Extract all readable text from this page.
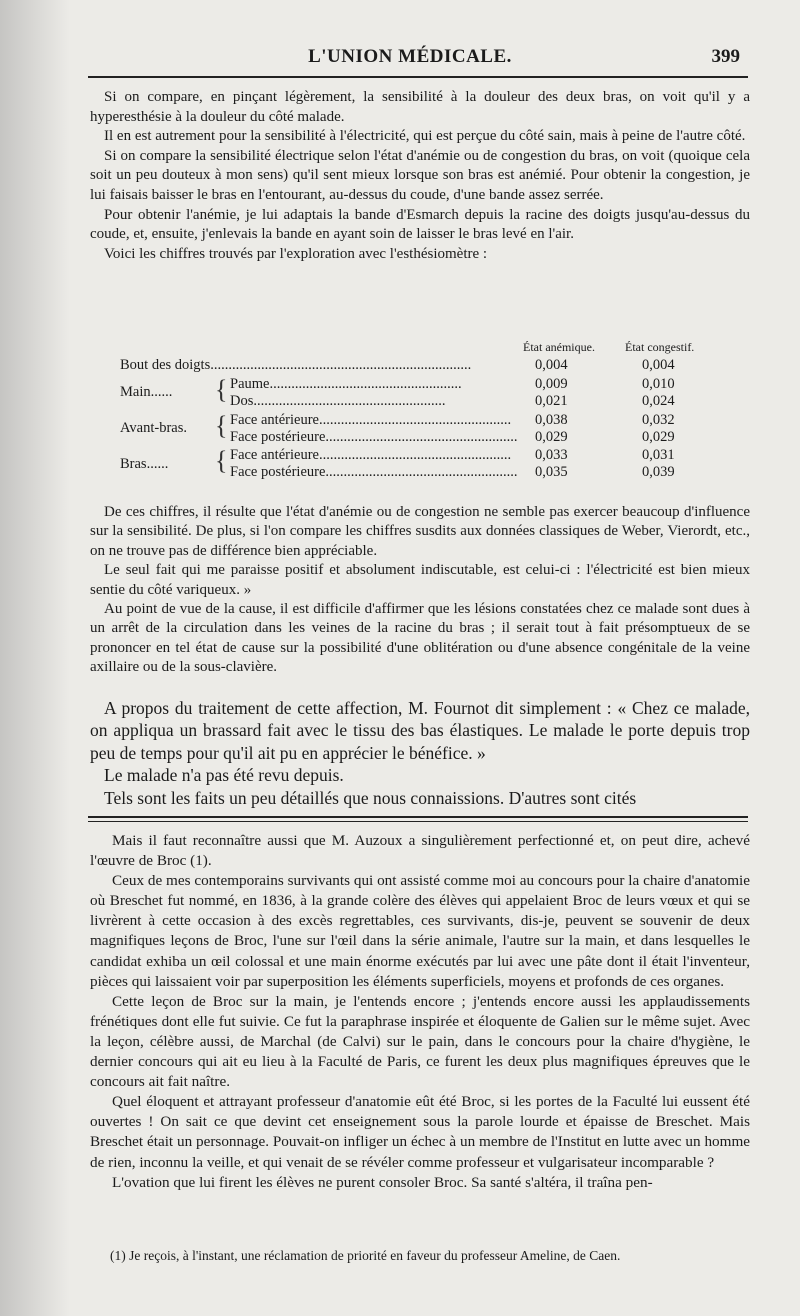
L'UNION MÉDICALE.	399

Si on compare, en pinçant légèrement, la sensibilité à la douleur des deux bras, on voit qu'il y a hyperesthésie à la douleur du côté malade.

Il en est autrement pour la sensibilité à l'électricité, qui est perçue du côté sain, mais à peine de l'autre côté.

Si on compare la sensibilité électrique selon l'état d'anémie ou de congestion du bras, on voit (quoique cela soit un peu douteux à mon sens) qu'il sent mieux lorsque son bras est anémié. Pour obtenir la congestion, je lui faisais baisser le bras en l'entourant, au-dessus du coude, d'une bande assez serrée.

Pour obtenir l'anémie, je lui adaptais la bande d'Esmarch depuis la racine des doigts jusqu'au-dessus du coude, et, ensuite, j'enlevais la bande en ayant soin de laisser le bras levé en l'air.

Voici les chiffres trouvés par l'exploration avec l'esthésiomètre :

État anémique.	État congestif.
Bout des doigts........................................................................	0,004	0,004
Main...... { Paume.....................................................	0,009	0,010
Dos.....................................................	0,021	0,024
Avant-bras. { Face antérieure.....................................................	0,038	0,032
Face postérieure..................................................... 0,029	0,029
{ Face antérieure.....................................................	0,033	0,031
Bras......	Face postérieure..................................................... 0,035	0,039

De ces chiffres, il résulte que l'état d'anémie ou de congestion ne semble pas exercer beaucoup d'influence sur la sensibilité. De plus, si l'on compare les chiffres susdits aux données classiques de Weber, Vierordt, etc., on ne trouve pas de différence bien appréciable.

Le seul fait qui me paraisse positif et absolument indiscutable, est celui-ci : l'électricité est bien mieux sentie du côté variqueux. »

Au point de vue de la cause, il est difficile d'affirmer que les lésions constatées chez ce malade sont dues à un arrêt de la circulation dans les veines de la racine du bras ; il serait tout à fait présomptueux de se prononcer en tel état de cause sur la possibilité d'une oblitération ou d'une absence congénitale de la veine axillaire ou de la sous-clavière.

A propos du traitement de cette affection, M. Fournot dit simplement : « Chez ce malade, on appliqua un brassard fait avec le tissu des bas élastiques. Le malade le porte depuis trop peu de temps pour qu'il ait pu en apprécier le bénéfice. »

Le malade n'a pas été revu depuis.

Tels sont les faits un peu détaillés que nous connaissions. D'autres sont cités

Mais il faut reconnaître aussi que M. Auzoux a singulièrement perfectionné et, on peut dire, achevé l'œuvre de Broc (1).

Ceux de mes contemporains survivants qui ont assisté comme moi au concours pour la chaire d'anatomie où Breschet fut nommé, en 1836, à la grande colère des élèves qui appelaient Broc de leurs vœux et qui se livrèrent à cette occasion à des excès regrettables, ces survivants, dis-je, peuvent se souvenir de deux magnifiques leçons de Broc, l'une sur l'œil dans la série animale, l'autre sur la main, et dans lesquelles le candidat exhiba un œil colossal et une main énorme exécutés par lui avec une pâte dont il était l'inventeur, pièces qui laissaient voir par superposition les éléments superficiels, moyens et profonds de ces organes.

Cette leçon de Broc sur la main, je l'entends encore ; j'entends encore aussi les applaudissements frénétiques dont elle fut suivie. Ce fut la paraphrase inspirée et éloquente de Galien sur le même sujet. Avec la leçon, célèbre aussi, de Marchal (de Calvi) sur le pain, dans le concours pour la chaire d'hygiène, le dernier concours qui ait eu lieu à la Faculté de Paris, ce furent les deux plus magnifiques épreuves que le concours ait fait naître.

Quel éloquent et attrayant professeur d'anatomie eût été Broc, si les portes de la Faculté lui eussent été ouvertes ! On sait ce que devint cet enseignement sous la parole lourde et épaisse de Breschet. Mais Breschet était un personnage. Pouvait-on infliger un échec à un membre de l'Institut en lutte avec un homme de rien, inconnu la veille, et qui venait de se révéler comme professeur et vulgarisateur incomparable ?

L'ovation que lui firent les élèves ne purent consoler Broc. Sa santé s'altéra, il traîna pen-

(1) Je reçois, à l'instant, une réclamation de priorité en faveur du professeur Ameline, de Caen.
